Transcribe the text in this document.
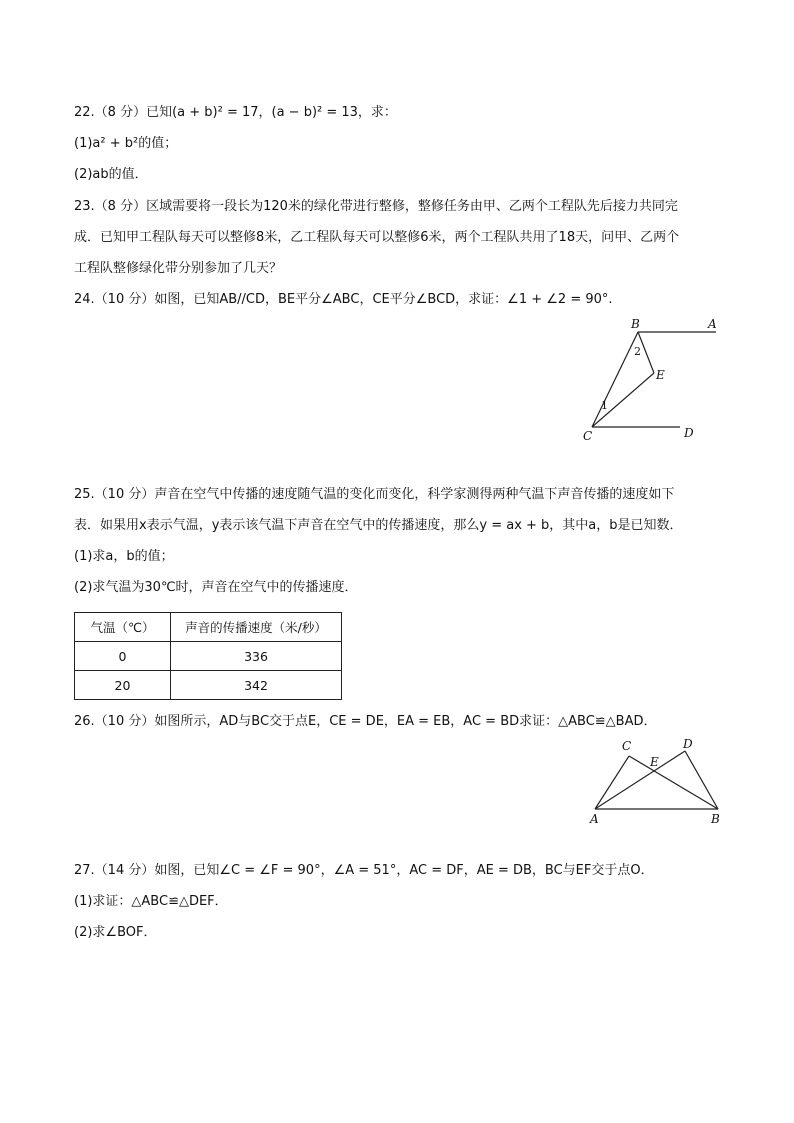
22.（8 分）已知(a + b)² = 17，(a − b)² = 13，求：
(1)a² + b²的值；
(2)ab的值．
23.（8 分）区域需要将一段长为120米的绿化带进行整修，整修任务由甲、乙两个工程队先后接力共同完
成．已知甲工程队每天可以整修8米，乙工程队每天可以整修6米，两个工程队共用了18天，问甲、乙两个
工程队整修绿化带分别参加了几天？
24.（10 分）如图，已知AB//CD，BE平分∠ABC，CE平分∠BCD，求证：∠1 + ∠2 = 90°.
B	A
E
C	D
2
1
25.（10 分）声音在空气中传播的速度随气温的变化而变化，科学家测得两种气温下声音传播的速度如下
表．如果用x表示气温，y表示该气温下声音在空气中的传播速度，那么y = ax + b，其中a，b是已知数．
(1)求a，b的值；
(2)求气温为30℃时，声音在空气中的传播速度．
气温（℃）	声音的传播速度（米/秒）
0	336
20	342
26.（10 分）如图所示，AD与BC交于点E，CE = DE，EA = EB，AC = BD求证：△ABC≌△BAD．
C	D
E
A	B
27.（14 分）如图，已知∠C = ∠F = 90°，∠A = 51°，AC = DF，AE = DB，BC与EF交于点O．
(1)求证：△ABC≌△DEF．
(2)求∠BOF．
